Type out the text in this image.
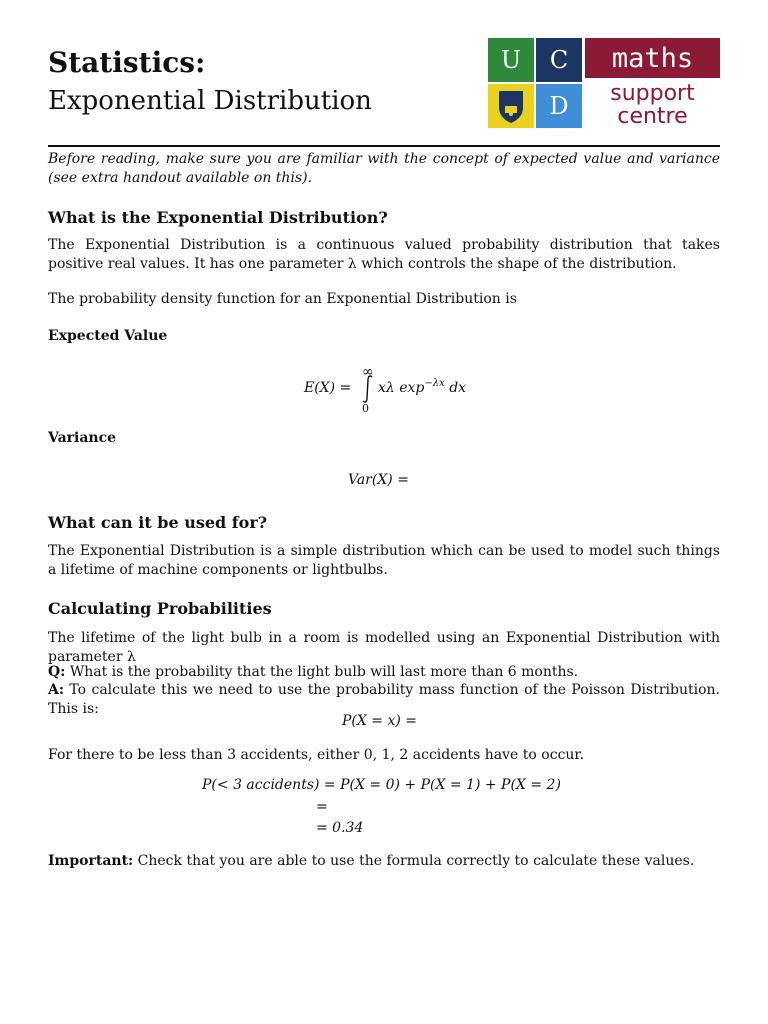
Statistics:
Exponential Distribution
U	C
D
maths
support
centre
Before reading, make sure you are familiar with the concept of expected value and variance (see extra handout available on this).
What is the Exponential Distribution?
The Exponential Distribution is a continuous valued probability distribution that takes positive real values. It has one parameter λ which controls the shape of the distribution.
The probability density function for an Exponential Distribution is
Expected Value
E(X) =
∞
0
xλ $\exp^{-\lambda x}$ dx
Variance
Var(X) =
What can it be used for?
The Exponential Distribution is a simple distribution which can be used to model such things a lifetime of machine components or lightbulbs.
Calculating Probabilities
The lifetime of the light bulb in a room is modelled using an Exponential Distribution with parameter λ
Q: What is the probability that the light bulb will last more than 6 months.
A: To calculate this we need to use the probability mass function of the Poisson Distribution. This is:
P(X = x) =
For there to be less than 3 accidents, either 0, 1, 2 accidents have to occur.
P(< 3 accidents) = P(X = 0) + P(X = 1) + P(X = 2)
=
= 0.34
Important: Check that you are able to use the formula correctly to calculate these values.
